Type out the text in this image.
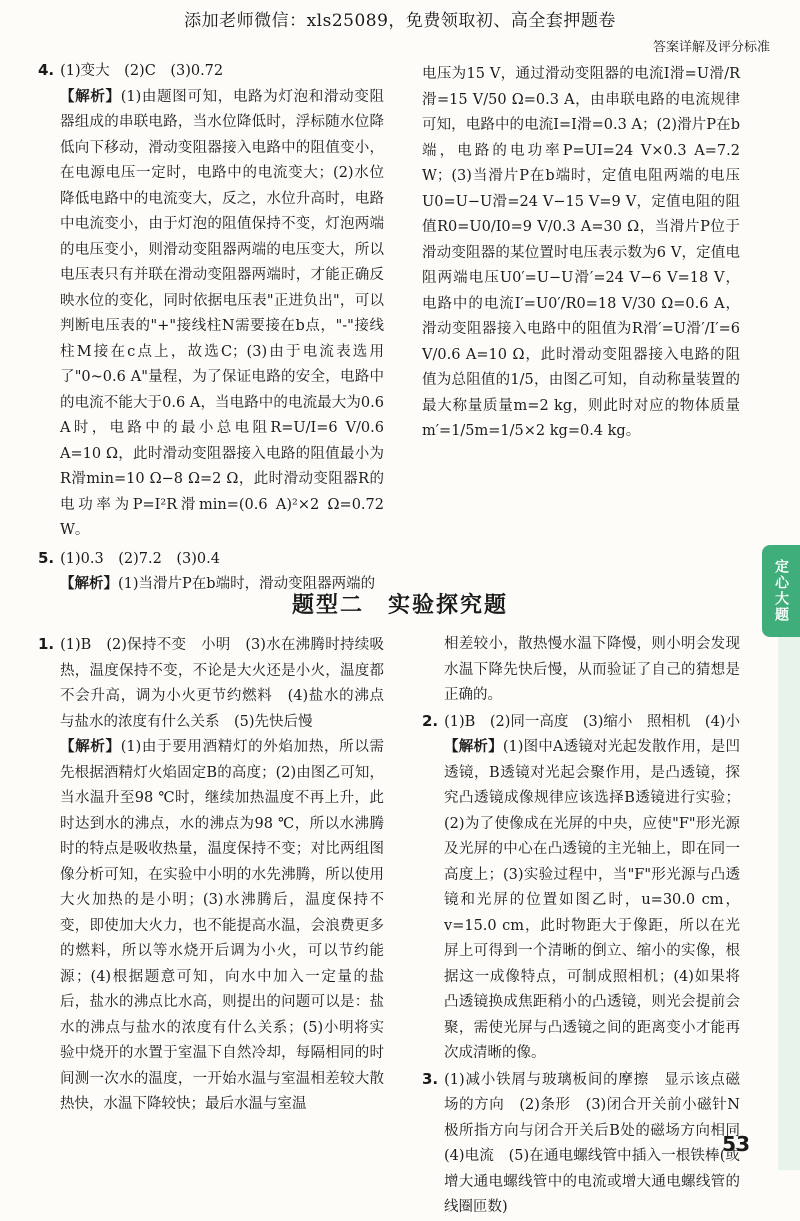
添加老师微信：xls25089，免费领取初、高全套押题卷
答案详解及评分标准

4. (1)变大　(2)C　(3)0.72

【解析】(1)由题图可知，电路为灯泡和滑动变阻器组成的串联电路，当水位降低时，浮标随水位降低向下移动，滑动变阻器接入电路中的阻值变小，在电源电压一定时，电路中的电流变大；(2)水位降低电路中的电流变大，反之，水位升高时，电路中电流变小，由于灯泡的阻值保持不变，灯泡两端的电压变小，则滑动变阻器两端的电压变大，所以电压表只有并联在滑动变阻器两端时，才能正确反映水位的变化，同时依据电压表"正进负出"，可以判断电压表的"+"接线柱N需要接在b点，"-"接线柱M接在c点上，故选C；(3)由于电流表选用了"0~0.6 A"量程，为了保证电路的安全，电路中的电流不能大于0.6 A，当电路中的电流最大为0.6 A时，电路中的最小总电阻R=U/I=6 V/0.6 A=10 Ω，此时滑动变阻器接入电路的阻值最小为R滑min=10 Ω−8 Ω=2 Ω，此时滑动变阻器R的电功率为P=I²R滑min=(0.6 A)²×2 Ω=0.72 W。

5. (1)0.3　(2)7.2　(3)0.4

【解析】(1)当滑片P在b端时，滑动变阻器两端的

电压为15 V，通过滑动变阻器的电流I滑=U滑/R滑=15 V/50 Ω=0.3 A，由串联电路的电流规律可知，电路中的电流I=I滑=0.3 A；(2)滑片P在b端，电路的电功率P=UI=24 V×0.3 A=7.2 W；(3)当滑片P在b端时，定值电阻两端的电压U0=U−U滑=24 V−15 V=9 V，定值电阻的阻值R0=U0/I0=9 V/0.3 A=30 Ω，当滑片P位于滑动变阻器的某位置时电压表示数为6 V，定值电阻两端电压U0′=U−U滑′=24 V−6 V=18 V，电路中的电流I′=U0′/R0=18 V/30 Ω=0.6 A，滑动变阻器接入电路中的阻值为R滑′=U滑′/I′=6 V/0.6 A=10 Ω，此时滑动变阻器接入电路的阻值为总阻值的1/5，由图乙可知，自动称量装置的最大称量质量m=2 kg，则此时对应的物体质量m′=1/5m=1/5×2 kg=0.4 kg。

定心大题
题型二　实验探究题

1. (1)B　(2)保持不变　小明　(3)水在沸腾时持续吸热，温度保持不变，不论是大火还是小火，温度都不会升高，调为小火更节约燃料　(4)盐水的沸点与盐水的浓度有什么关系　(5)先快后慢

【解析】(1)由于要用酒精灯的外焰加热，所以需先根据酒精灯火焰固定B的高度；(2)由图乙可知，当水温升至98 ℃时，继续加热温度不再上升，此时达到水的沸点，水的沸点为98 ℃，所以水沸腾时的特点是吸收热量，温度保持不变；对比两组图像分析可知，在实验中小明的水先沸腾，所以使用大火加热的是小明；(3)水沸腾后，温度保持不变，即使加大火力，也不能提高水温，会浪费更多的燃料，所以等水烧开后调为小火，可以节约能源；(4)根据题意可知，向水中加入一定量的盐后，盐水的沸点比水高，则提出的问题可以是：盐水的沸点与盐水的浓度有什么关系；(5)小明将实验中烧开的水置于室温下自然冷却，每隔相同的时间测一次水的温度，一开始水温与室温相差较大散热快，水温下降较快；最后水温与室温

相差较小，散热慢水温下降慢，则小明会发现水温下降先快后慢，从而验证了自己的猜想是正确的。

2. (1)B　(2)同一高度　(3)缩小　照相机　(4)小

【解析】(1)图中A透镜对光起发散作用，是凹透镜，B透镜对光起会聚作用，是凸透镜，探究凸透镜成像规律应该选择B透镜进行实验；(2)为了使像成在光屏的中央，应使"F"形光源及光屏的中心在凸透镜的主光轴上，即在同一高度上；(3)实验过程中，当"F"形光源与凸透镜和光屏的位置如图乙时，u=30.0 cm，v=15.0 cm，此时物距大于像距，所以在光屏上可得到一个清晰的倒立、缩小的实像，根据这一成像特点，可制成照相机；(4)如果将凸透镜换成焦距稍小的凸透镜，则光会提前会聚，需使光屏与凸透镜之间的距离变小才能再次成清晰的像。

3. (1)减小铁屑与玻璃板间的摩擦　显示该点磁场的方向　(2)条形　(3)闭合开关前小磁针N极所指方向与闭合开关后B处的磁场方向相同　(4)电流　(5)在通电螺线管中插入一根铁棒(或增大通电螺线管中的电流或增大通电螺线管的线圈匝数)

53
